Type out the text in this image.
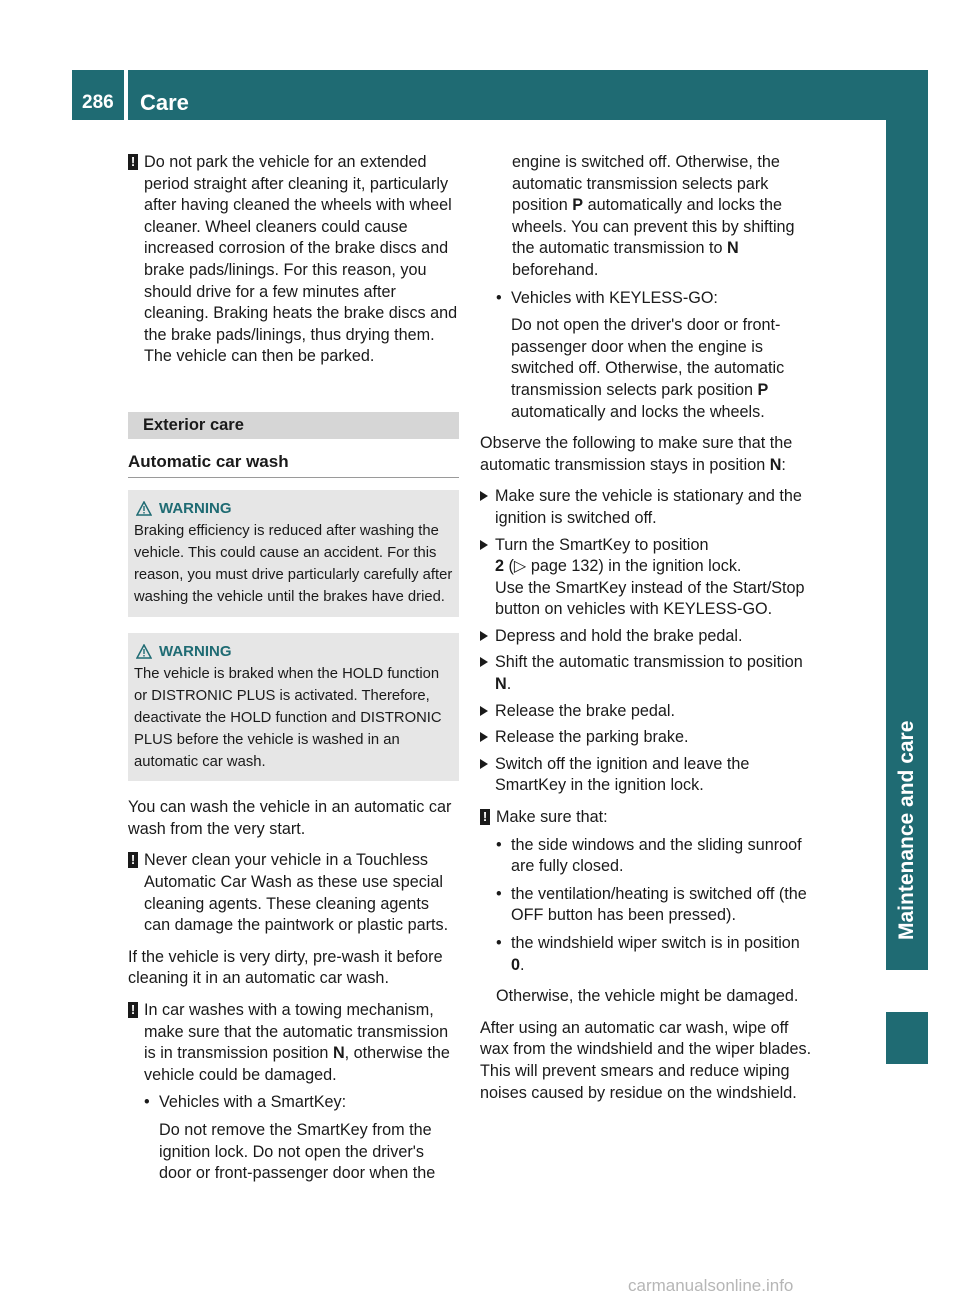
286 Care
Maintenance and care
! Do not park the vehicle for an extended period straight after cleaning it, particularly after having cleaned the wheels with wheel cleaner. Wheel cleaners could cause increased corrosion of the brake discs and brake pads/linings. For this reason, you should drive for a few minutes after cleaning. Braking heats the brake discs and the brake pads/linings, thus drying them. The vehicle can then be parked.
Exterior care
Automatic car wash
WARNING
Braking efficiency is reduced after washing the vehicle. This could cause an accident. For this reason, you must drive particularly carefully after washing the vehicle until the brakes have dried.
WARNING
The vehicle is braked when the HOLD function or DISTRONIC PLUS is activated. Therefore, deactivate the HOLD function and DISTRONIC PLUS before the vehicle is washed in an automatic car wash.

You can wash the vehicle in an automatic car wash from the very start.

! Never clean your vehicle in a Touchless Automatic Car Wash as these use special cleaning agents. These cleaning agents can damage the paintwork or plastic parts.

If the vehicle is very dirty, pre-wash it before cleaning it in an automatic car wash.

! In car washes with a towing mechanism, make sure that the automatic transmission is in transmission position N, otherwise the vehicle could be damaged.
• Vehicles with a SmartKey:
Do not remove the SmartKey from the ignition lock. Do not open the driver's door or front-passenger door when the
engine is switched off. Otherwise, the automatic transmission selects park position P automatically and locks the wheels. You can prevent this by shifting the automatic transmission to N beforehand.
• Vehicles with KEYLESS-GO:
Do not open the driver's door or front-passenger door when the engine is switched off. Otherwise, the automatic transmission selects park position P automatically and locks the wheels.

Observe the following to make sure that the automatic transmission stays in position N:

Make sure the vehicle is stationary and the ignition is switched off.
Turn the SmartKey to position
2 (▷ page 132) in the ignition lock.
Use the SmartKey instead of the Start/Stop button on vehicles with KEYLESS-GO.
Depress and hold the brake pedal.
Shift the automatic transmission to position N.
Release the brake pedal.
Release the parking brake.
Switch off the ignition and leave the SmartKey in the ignition lock.
! Make sure that:
• the side windows and the sliding sunroof are fully closed.
• the ventilation/heating is switched off (the OFF button has been pressed).
• the windshield wiper switch is in position 0.
Otherwise, the vehicle might be damaged.

After using an automatic car wash, wipe off wax from the windshield and the wiper blades. This will prevent smears and reduce wiping noises caused by residue on the windshield.

carmanualsonline.info
